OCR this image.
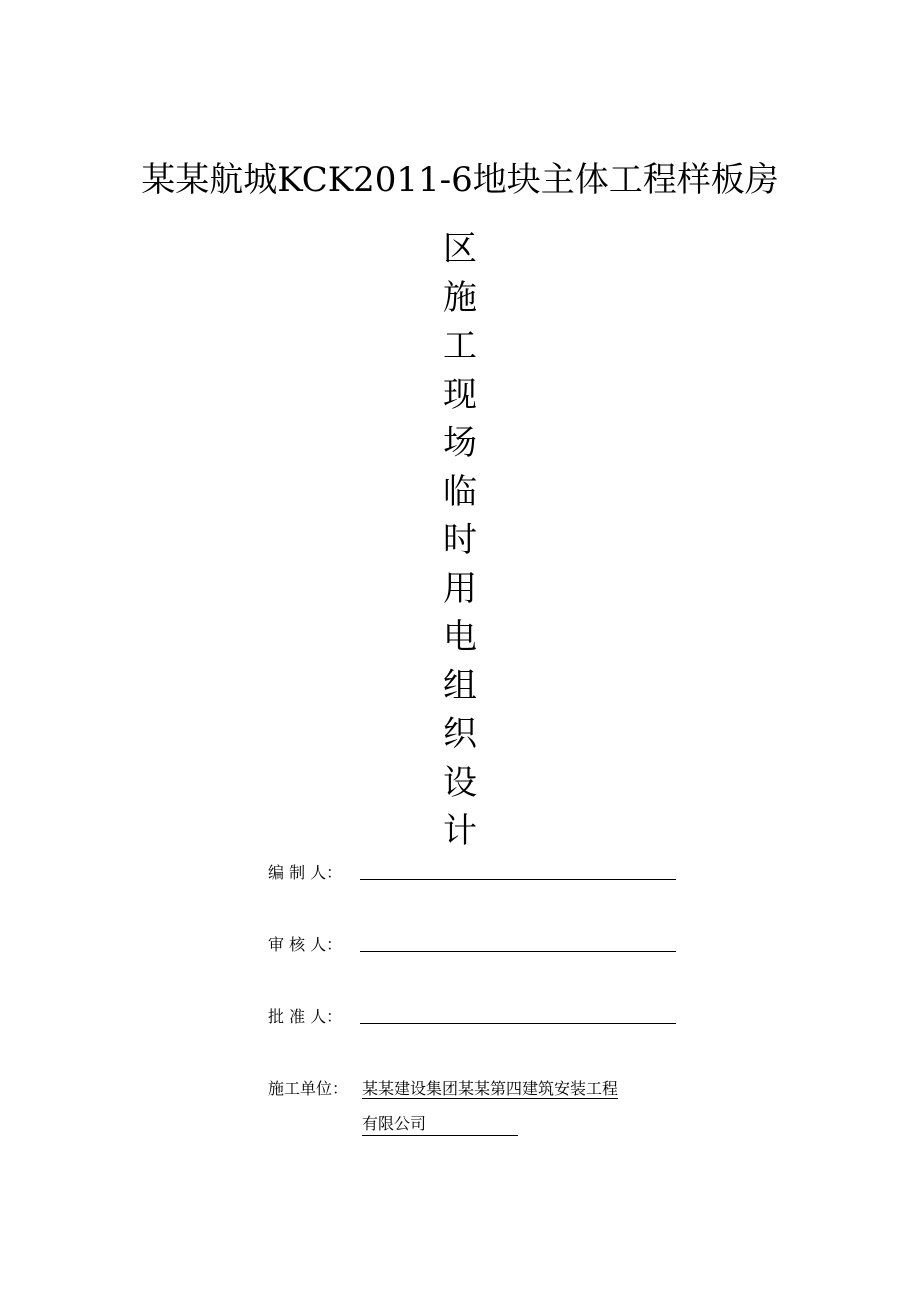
某某航城KCK2011-6地块主体工程样板房
区
施
工
现
场
临
时
用
电
组
织
设
计
编 制 人：
审 核 人：
批 准 人：
施工单位： 某某建设集团某某第四建筑安装工程
有限公司
